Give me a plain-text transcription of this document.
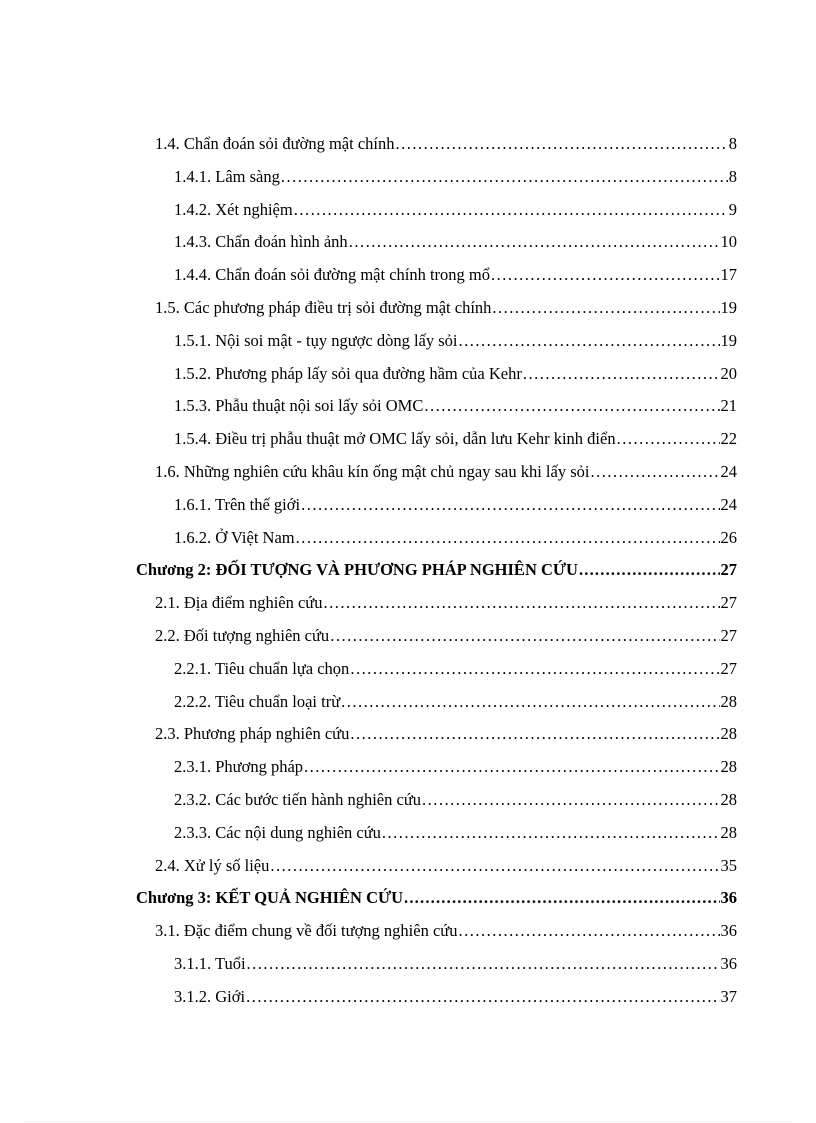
1.4. Chẩn đoán sỏi đường mật chính .....	8
1.4.1. Lâm sàng .....	8
1.4.2. Xét nghiệm .....	9
1.4.3. Chẩn đoán hình ảnh .....	10
1.4.4. Chẩn đoán sỏi đường mật chính trong mổ .....	17
1.5. Các phương pháp điều trị sỏi đường mật chính .....	19
1.5.1. Nội soi mật - tụy ngược dòng lấy sỏi .....	19
1.5.2. Phương pháp lấy sỏi qua đường hầm của Kehr .....	20
1.5.3. Phẫu thuật nội soi lấy sỏi OMC .....	21
1.5.4. Điều trị phẫu thuật mở OMC lấy sỏi, dẫn lưu Kehr kinh điển .....	22
1.6. Những nghiên cứu khâu kín ống mật chủ ngay sau khi lấy sỏi .....	24
1.6.1. Trên thế giới .....	24
1.6.2. Ở Việt Nam .....	26
Chương 2: ĐỐI TƯỢNG VÀ PHƯƠNG PHÁP NGHIÊN CỨU .....	27
2.1. Địa điểm nghiên cứu .....	27
2.2. Đối tượng nghiên cứu .....	27
2.2.1. Tiêu chuẩn lựa chọn .....	27
2.2.2. Tiêu chuẩn loại trừ .....	28
2.3. Phương pháp nghiên cứu .....	28
2.3.1. Phương pháp .....	28
2.3.2. Các bước tiến hành nghiên cứu .....	28
2.3.3. Các nội dung nghiên cứu .....	28
2.4. Xử lý số liệu .....	35
Chương 3: KẾT QUẢ NGHIÊN CỨU .....	36
3.1. Đặc điểm chung về đối tượng nghiên cứu .....	36
3.1.1. Tuổi .....	36
3.1.2. Giới .....	37
